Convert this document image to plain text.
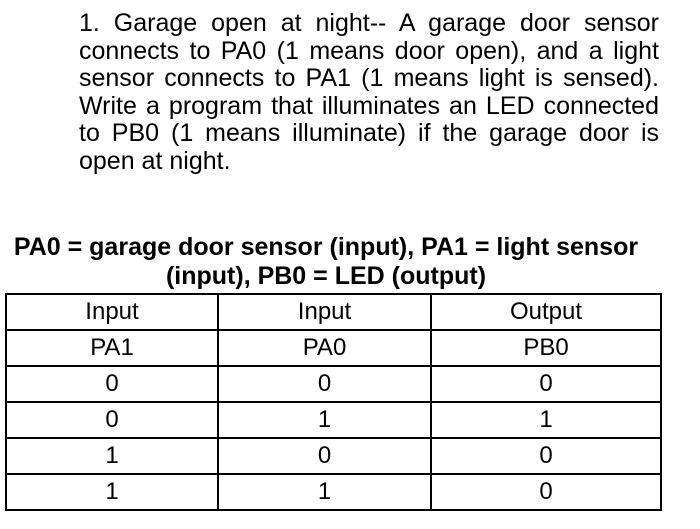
1. Garage open at night-- A garage door sensor connects to PA0 (1 means door open), and a light sensor connects to PA1 (1 means light is sensed). Write a program that illuminates an LED connected to PB0 (1 means illuminate) if the garage door is open at night.

PA0 = garage door sensor (input), PA1 = light sensor (input), PB0 = LED (output)

Input	Input	Output
PA1	PA0	PB0
0	0	0
0	1	1
1	0	0
1	1	0
